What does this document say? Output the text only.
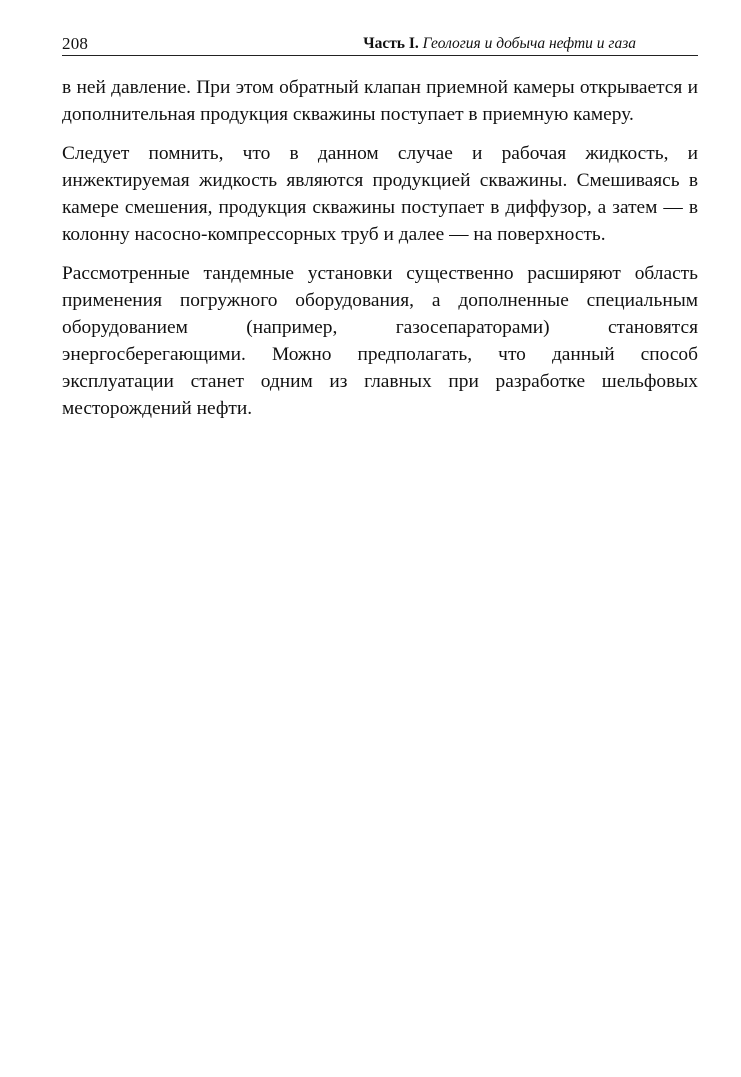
208	Часть I. Геология и добыча нефти и газа

в ней давление. При этом обратный клапан приемной камеры открывается и дополнительная продукция скважины поступает в приемную камеру.

Следует помнить, что в данном случае и рабочая жидкость, и инжектируемая жидкость являются продукцией скважины. Смешиваясь в камере смешения, продукция скважины поступает в диффузор, а затем — в колонну насосно-компрессорных труб и далее — на поверхность.

Рассмотренные тандемные установки существенно расширяют область применения погружного оборудования, а дополненные специальным оборудованием (например, газосепараторами) становятся энергосберегающими. Можно предполагать, что данный способ эксплуатации станет одним из главных при разработке шельфовых месторождений нефти.
